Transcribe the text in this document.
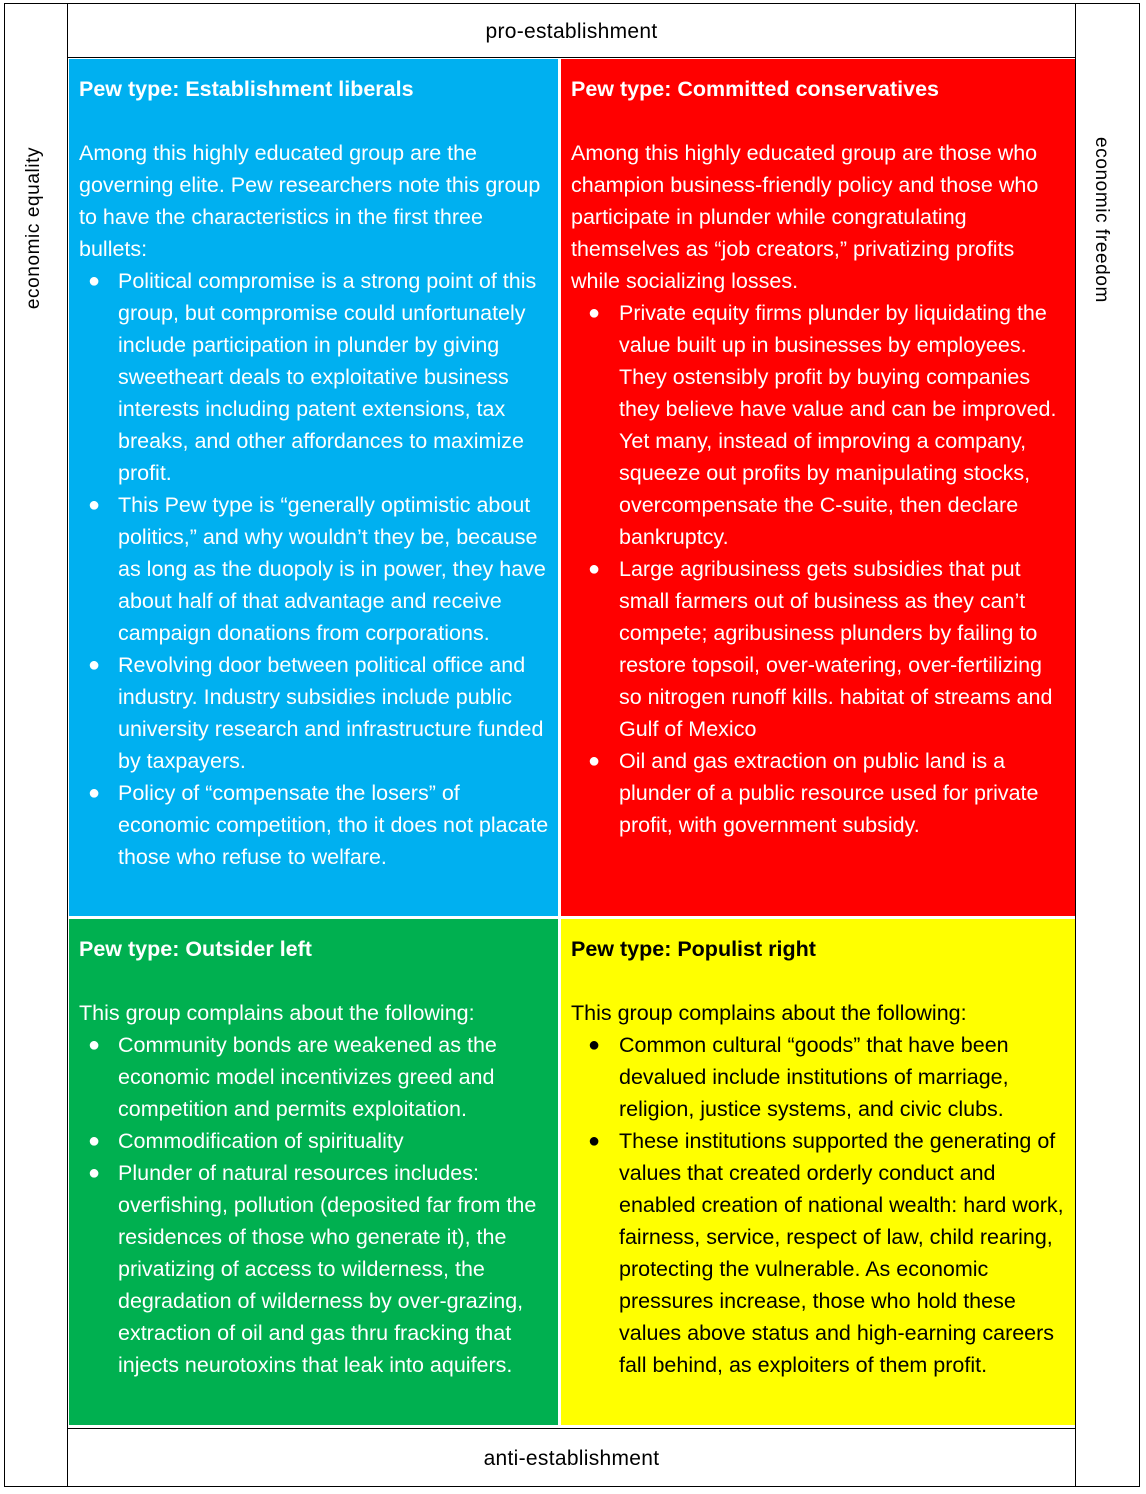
economic equality	economic freedom
pro-establishment
anti-establishment
Pew type: Establishment liberals

Among this highly educated group are the governing elite. Pew researchers note this group to have the characteristics in the first three bullets:

● Political compromise is a strong point of this group, but compromise could unfortunately include participation in plunder by giving sweetheart deals to exploitative business interests including patent extensions, tax breaks, and other affordances to maximize profit.
● This Pew type is “generally optimistic about politics,” and why wouldn’t they be, because as long as the duopoly is in power, they have about half of that advantage and receive campaign donations from corporations.
● Revolving door between political office and industry. Industry subsidies include public university research and infrastructure funded by taxpayers.
● Policy of “compensate the losers” of economic competition, tho it does not placate those who refuse to welfare.
Pew type: Committed conservatives

Among this highly educated group are those who champion business-friendly policy and those who participate in plunder while congratulating themselves as “job creators,” privatizing profits while socializing losses.

● Private equity firms plunder by liquidating the value built up in businesses by employees. They ostensibly profit by buying companies they believe have value and can be improved. Yet many, instead of improving a company, squeeze out profits by manipulating stocks, overcompensate the C-suite, then declare bankruptcy.
● Large agribusiness gets subsidies that put small farmers out of business as they can’t compete; agribusiness plunders by failing to restore topsoil, over-watering, over-fertilizing so nitrogen runoff kills. habitat of streams and Gulf of Mexico
● Oil and gas extraction on public land is a plunder of a public resource used for private profit, with government subsidy.
Pew type: Outsider left

This group complains about the following:

● Community bonds are weakened as the economic model incentivizes greed and competition and permits exploitation.
● Commodification of spirituality
● Plunder of natural resources includes: overfishing, pollution (deposited far from the residences of those who generate it), the privatizing of access to wilderness, the degradation of wilderness by over-grazing, extraction of oil and gas thru fracking that injects neurotoxins that leak into aquifers.
Pew type: Populist right

This group complains about the following:

● Common cultural “goods” that have been devalued include institutions of marriage, religion, justice systems, and civic clubs.
● These institutions supported the generating of values that created orderly conduct and enabled creation of national wealth: hard work, fairness, service, respect of law, child rearing, protecting the vulnerable. As economic pressures increase, those who hold these values above status and high-earning careers fall behind, as exploiters of them profit.
